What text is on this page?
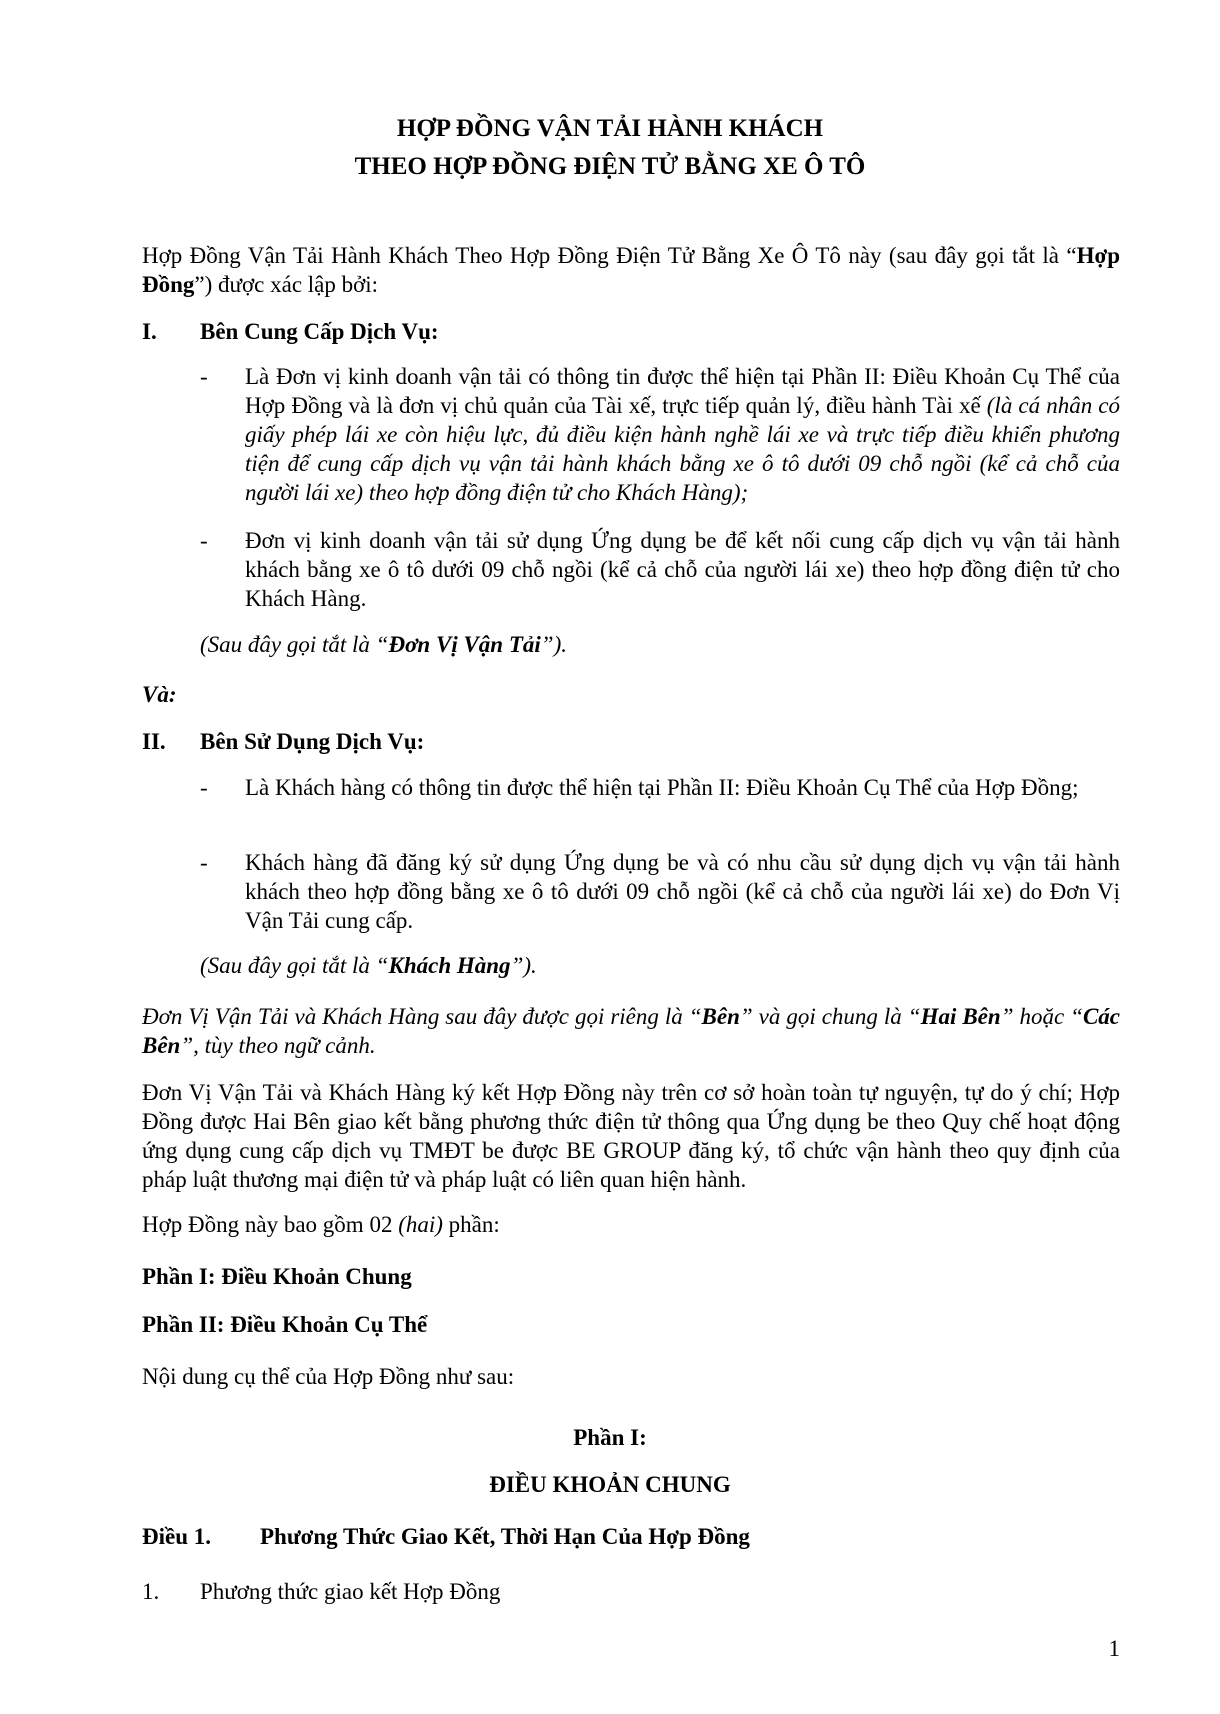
HỢP ĐỒNG VẬN TẢI HÀNH KHÁCH
THEO HỢP ĐỒNG ĐIỆN TỬ BẰNG XE Ô TÔ
Hợp Đồng Vận Tải Hành Khách Theo Hợp Đồng Điện Tử Bằng Xe Ô Tô này (sau đây gọi tắt là “Hợp Đồng”) được xác lập bởi:
I. Bên Cung Cấp Dịch Vụ:
- Là Đơn vị kinh doanh vận tải có thông tin được thể hiện tại Phần II: Điều Khoản Cụ Thể của Hợp Đồng và là đơn vị chủ quản của Tài xế, trực tiếp quản lý, điều hành Tài xế (là cá nhân có giấy phép lái xe còn hiệu lực, đủ điều kiện hành nghề lái xe và trực tiếp điều khiển phương tiện để cung cấp dịch vụ vận tải hành khách bằng xe ô tô dưới 09 chỗ ngồi (kể cả chỗ của người lái xe) theo hợp đồng điện tử cho Khách Hàng);
- Đơn vị kinh doanh vận tải sử dụng Ứng dụng be để kết nối cung cấp dịch vụ vận tải hành khách bằng xe ô tô dưới 09 chỗ ngồi (kể cả chỗ của người lái xe) theo hợp đồng điện tử cho Khách Hàng.
(Sau đây gọi tắt là “Đơn Vị Vận Tải”).
Và:
II. Bên Sử Dụng Dịch Vụ:
- Là Khách hàng có thông tin được thể hiện tại Phần II: Điều Khoản Cụ Thể của Hợp Đồng;
- Khách hàng đã đăng ký sử dụng Ứng dụng be và có nhu cầu sử dụng dịch vụ vận tải hành khách theo hợp đồng bằng xe ô tô dưới 09 chỗ ngồi (kể cả chỗ của người lái xe) do Đơn Vị Vận Tải cung cấp.
(Sau đây gọi tắt là “Khách Hàng”).
Đơn Vị Vận Tải và Khách Hàng sau đây được gọi riêng là “Bên” và gọi chung là “Hai Bên” hoặc “Các Bên”, tùy theo ngữ cảnh.
Đơn Vị Vận Tải và Khách Hàng ký kết Hợp Đồng này trên cơ sở hoàn toàn tự nguyện, tự do ý chí; Hợp Đồng được Hai Bên giao kết bằng phương thức điện tử thông qua Ứng dụng be theo Quy chế hoạt động ứng dụng cung cấp dịch vụ TMĐT be được BE GROUP đăng ký, tổ chức vận hành theo quy định của pháp luật thương mại điện tử và pháp luật có liên quan hiện hành.
Hợp Đồng này bao gồm 02 (hai) phần:
Phần I: Điều Khoản Chung
Phần II: Điều Khoản Cụ Thể
Nội dung cụ thể của Hợp Đồng như sau:
Phần I:
ĐIỀU KHOẢN CHUNG
Điều 1. Phương Thức Giao Kết, Thời Hạn Của Hợp Đồng
1. Phương thức giao kết Hợp Đồng
1
